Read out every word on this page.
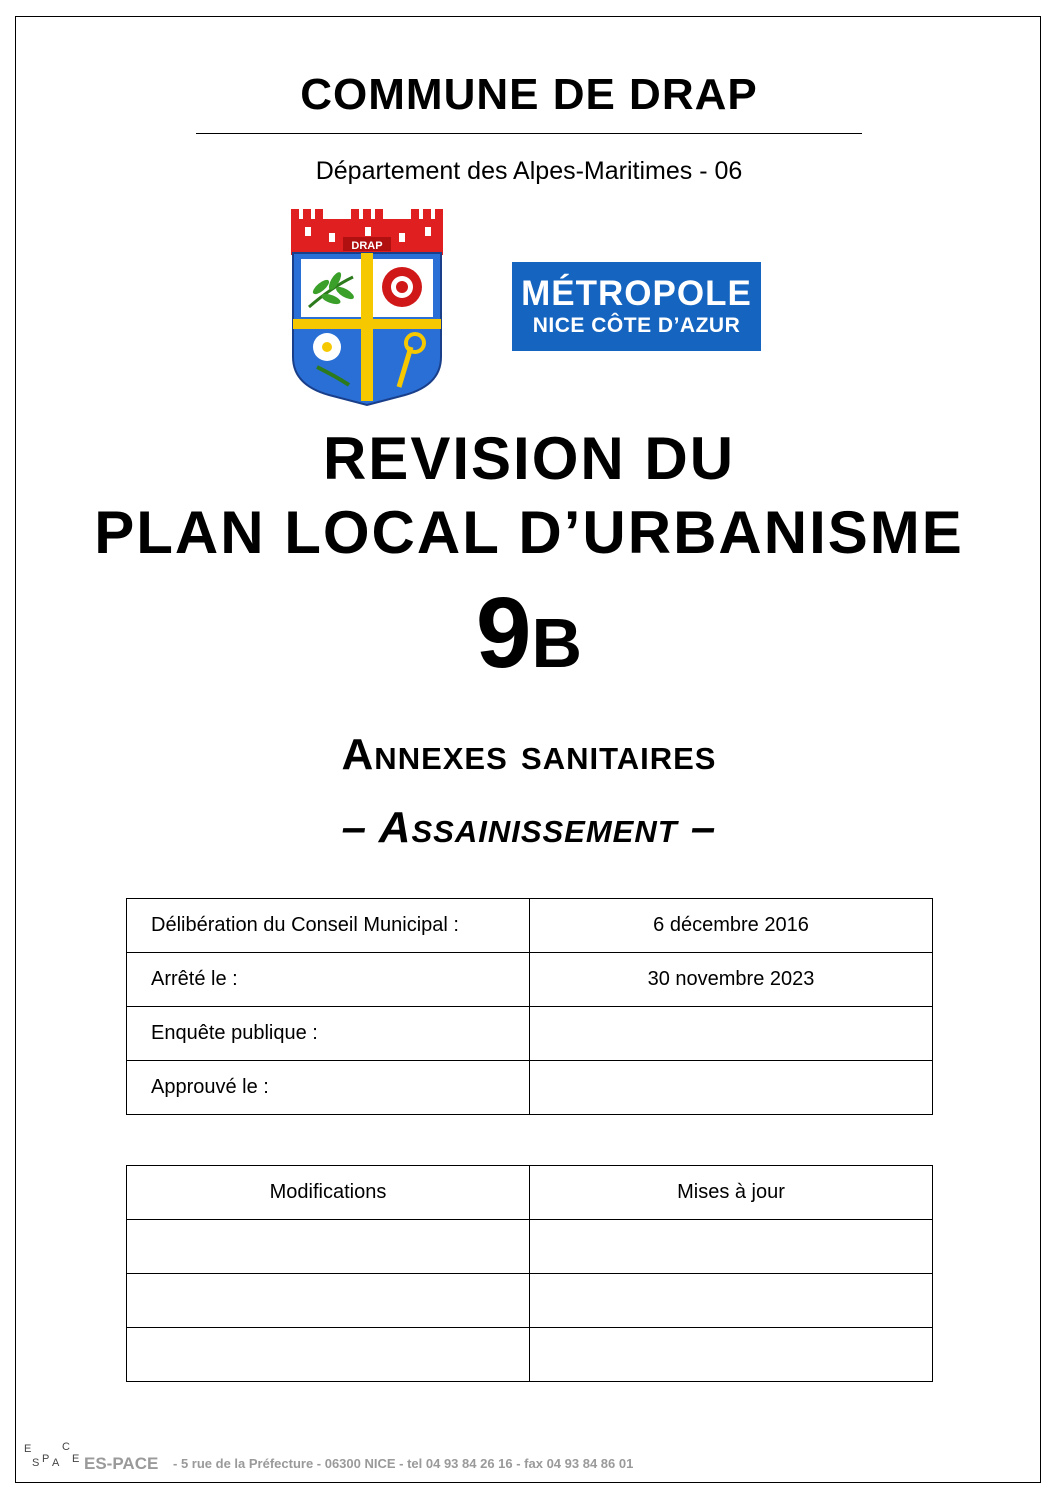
COMMUNE DE DRAP
Département des Alpes-Maritimes - 06
DRAP
MÉTROPOLE
NICE CÔTE D’AZUR
REVISION DU
PLAN LOCAL D’URBANISME
9B
Annexes sanitaires
– Assainissement –
Délibération du Conseil Municipal :	6 décembre 2016
Arrêté le :	30 novembre 2023
Enquête publique :	
Approuvé le :	
Modifications	Mises à jour

E
S P A
C
E ES-PACE - 5 rue de la Préfecture - 06300 NICE - tel 04 93 84 26 16 - fax 04 93 84 86 01
